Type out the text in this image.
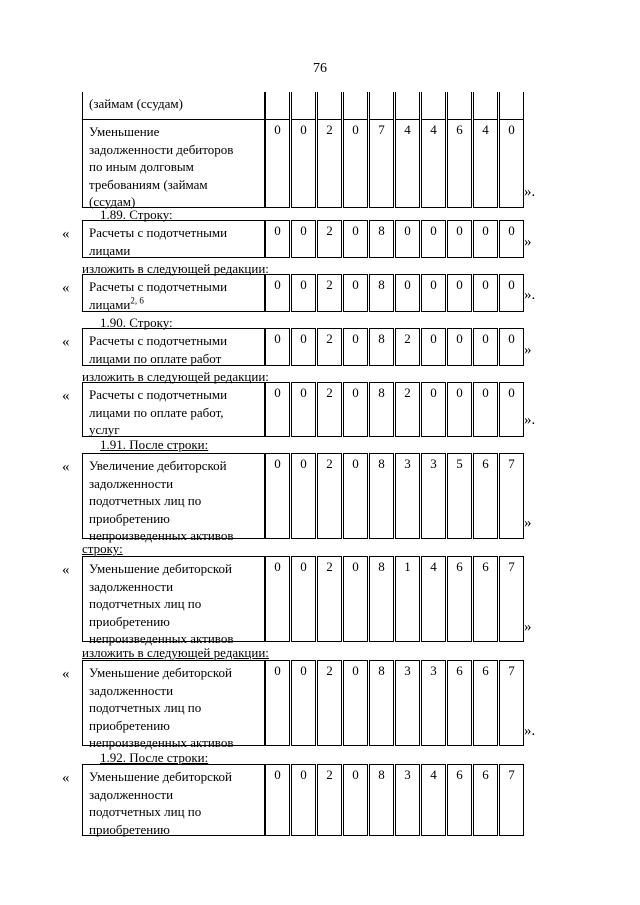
76
(займам (ссудам)
Уменьшение
задолженности дебиторов
по иным долговым
требованиям (займам
(ссудам)
0	0	2	0	7	4	4	6	4	0
».
1.89. Строку:
Расчеты с подотчетными
лицами
0	0	2	0	8	0	0	0	0	0
«	»
изложить в следующей редакции:
Расчеты с подотчетными
лицами$^{2, 6}$
0	0	2	0	8	0	0	0	0	0
«	».
1.90. Строку:
Расчеты с подотчетными
лицами по оплате работ
0	0	2	0	8	2	0	0	0	0
«	»
изложить в следующей редакции:
Расчеты с подотчетными
лицами по оплате работ,
услуг
0	0	2	0	8	2	0	0	0	0
«
».
1.91. После строки:
Увеличение дебиторской
задолженности
подотчетных лиц по
приобретению
непроизведенных активов
0	0	2	0	8	3	3	5	6	7
«
»
строку:
Уменьшение дебиторской
задолженности
подотчетных лиц по
приобретению
непроизведенных активов
0	0	2	0	8	1	4	6	6	7
«
»
изложить в следующей редакции:
Уменьшение дебиторской
задолженности
подотчетных лиц по
приобретению
непроизведенных активов
0	0	2	0	8	3	3	6	6	7
«
».
1.92. После строки:
Уменьшение дебиторской
задолженности
подотчетных лиц по
приобретению
0	0	2	0	8	3	4	6	6	7
«
